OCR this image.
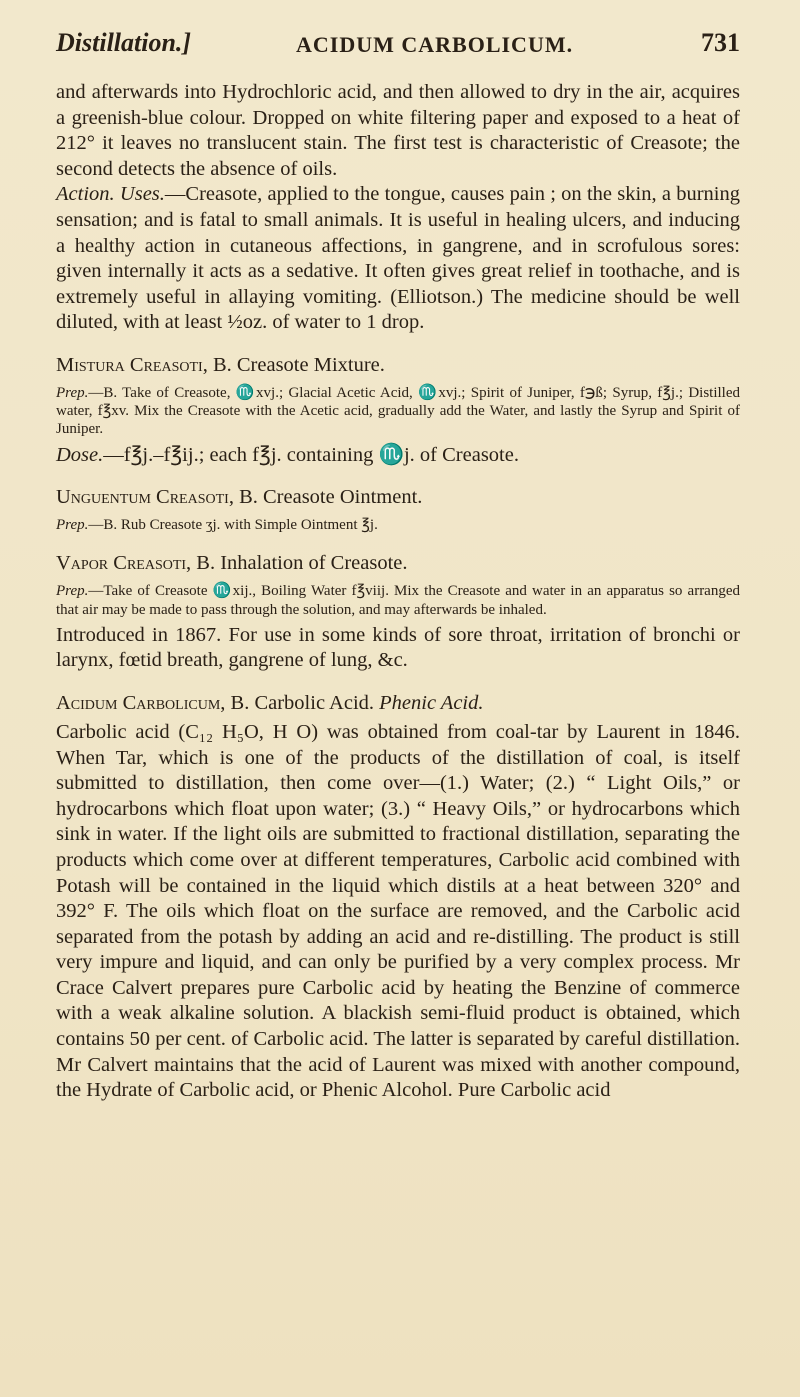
Distillation.]	ACIDUM CARBOLICUM.	731

and afterwards into Hydrochloric acid, and then allowed to dry in the air, acquires a greenish-blue colour. Dropped on white filtering paper and exposed to a heat of 212° it leaves no translucent stain. The first test is characteristic of Creasote; the second detects the absence of oils.

Action. Uses.—Creasote, applied to the tongue, causes pain ; on the skin, a burning sensation; and is fatal to small animals. It is useful in healing ulcers, and inducing a healthy action in cutaneous affections, in gangrene, and in scrofulous sores: given internally it acts as a sedative. It often gives great relief in toothache, and is extremely useful in allaying vomiting. (Elliotson.) The medicine should be well diluted, with at least ½oz. of water to 1 drop.

Mistura Creasoti, B. Creasote Mixture.

Prep.—B. Take of Creasote, ♏xvj.; Glacial Acetic Acid, ♏xvj.; Spirit of Juniper, f℈ß; Syrup, f℥j.; Distilled water, f℥xv. Mix the Creasote with the Acetic acid, gradually add the Water, and lastly the Syrup and Spirit of Juniper.

Dose.—f℥j.–f℥ij.; each f℥j. containing ♏j. of Creasote.

Unguentum Creasoti, B. Creasote Ointment.

Prep.—B. Rub Creasote ʒj. with Simple Ointment ℥j.

Vapor Creasoti, B. Inhalation of Creasote.

Prep.—Take of Creasote ♏xij., Boiling Water f℥viij. Mix the Creasote and water in an apparatus so arranged that air may be made to pass through the solution, and may afterwards be inhaled.

Introduced in 1867. For use in some kinds of sore throat, irritation of bronchi or larynx, fœtid breath, gangrene of lung, &c.

Acidum Carbolicum, B. Carbolic Acid. Phenic Acid.

Carbolic acid (C₁₂ H₅O, H O) was obtained from coal-tar by Laurent in 1846. When Tar, which is one of the products of the distillation of coal, is itself submitted to distillation, then come over—(1.) Water; (2.) “ Light Oils,” or hydrocarbons which float upon water; (3.) “ Heavy Oils,” or hydrocarbons which sink in water. If the light oils are submitted to fractional distillation, separating the products which come over at different temperatures, Carbolic acid combined with Potash will be contained in the liquid which distils at a heat between 320° and 392° F. The oils which float on the surface are removed, and the Carbolic acid separated from the potash by adding an acid and re-distilling. The product is still very impure and liquid, and can only be purified by a very complex process. Mr Crace Calvert prepares pure Carbolic acid by heating the Benzine of commerce with a weak alkaline solution. A blackish semi-fluid product is obtained, which contains 50 per cent. of Carbolic acid. The latter is separated by careful distillation. Mr Calvert maintains that the acid of Laurent was mixed with another compound, the Hydrate of Carbolic acid, or Phenic Alcohol. Pure Carbolic acid
